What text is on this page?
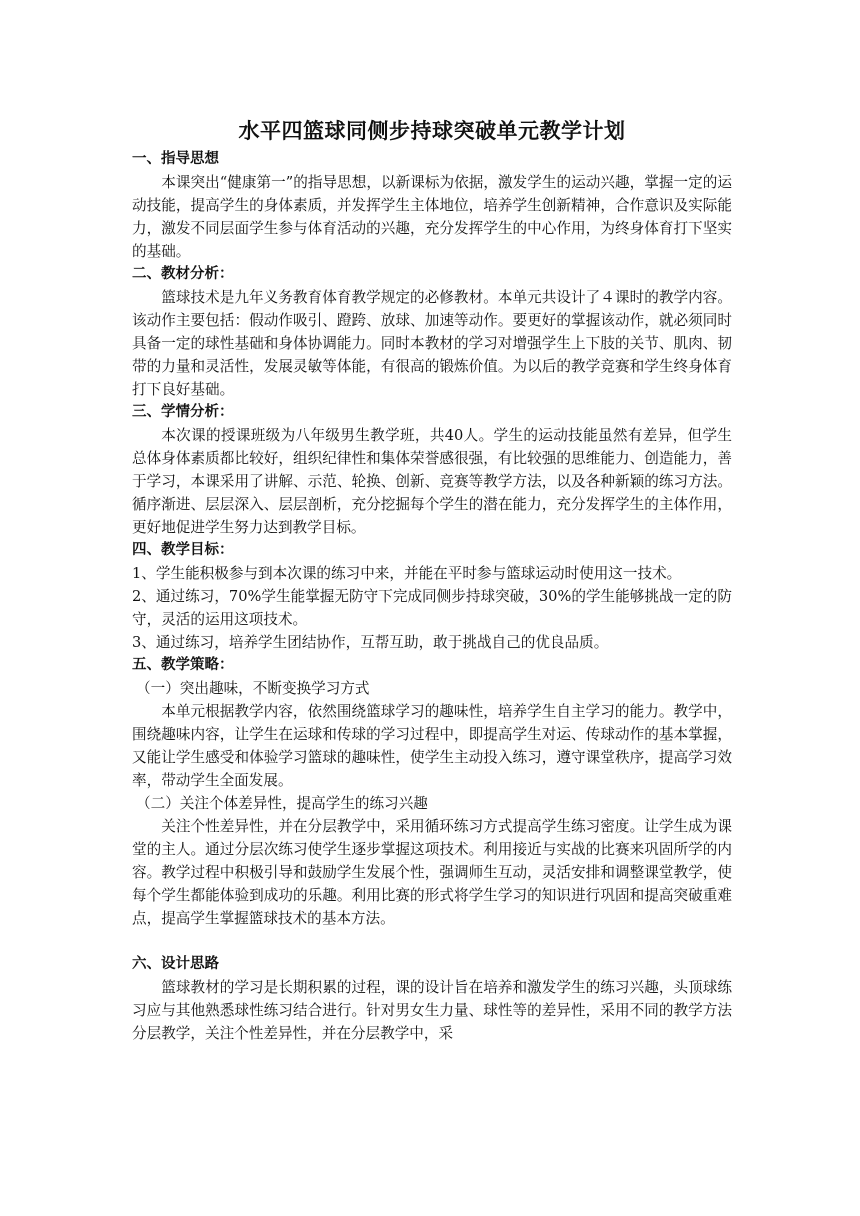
水平四篮球同侧步持球突破单元教学计划

一、指导思想

本课突出“健康第一”的指导思想，以新课标为依据，激发学生的运动兴趣，掌握一定的运动技能，提高学生的身体素质，并发挥学生主体地位，培养学生创新精神，合作意识及实际能力，激发不同层面学生参与体育活动的兴趣，充分发挥学生的中心作用，为终身体育打下坚实的基础。

二、教材分析：

篮球技术是九年义务教育体育教学规定的必修教材。本单元共设计了４课时的教学内容。该动作主要包括：假动作吸引、蹬跨、放球、加速等动作。要更好的掌握该动作，就必须同时具备一定的球性基础和身体协调能力。同时本教材的学习对增强学生上下肢的关节、肌肉、韧带的力量和灵活性，发展灵敏等体能，有很高的锻炼价值。为以后的教学竞赛和学生终身体育打下良好基础。

三、学情分析：

本次课的授课班级为八年级男生教学班，共40人。学生的运动技能虽然有差异，但学生总体身体素质都比较好，组织纪律性和集体荣誉感很强，有比较强的思维能力、创造能力，善于学习，本课采用了讲解、示范、轮换、创新、竞赛等教学方法，以及各种新颖的练习方法。循序渐进、层层深入、层层剖析，充分挖掘每个学生的潜在能力，充分发挥学生的主体作用，更好地促进学生努力达到教学目标。

四、教学目标：

1、学生能积极参与到本次课的练习中来，并能在平时参与篮球运动时使用这一技术。

2、通过练习，70%学生能掌握无防守下完成同侧步持球突破，30%的学生能够挑战一定的防守，灵活的运用这项技术。

3、通过练习，培养学生团结协作，互帮互助，敢于挑战自己的优良品质。

五、教学策略：

（一）突出趣味，不断变换学习方式

本单元根据教学内容，依然围绕篮球学习的趣味性，培养学生自主学习的能力。教学中，围绕趣味内容，让学生在运球和传球的学习过程中，即提高学生对运、传球动作的基本掌握，又能让学生感受和体验学习篮球的趣味性，使学生主动投入练习，遵守课堂秩序，提高学习效率，带动学生全面发展。

（二）关注个体差异性，提高学生的练习兴趣

关注个性差异性，并在分层教学中，采用循环练习方式提高学生练习密度。让学生成为课堂的主人。通过分层次练习使学生逐步掌握这项技术。利用接近与实战的比赛来巩固所学的内容。教学过程中积极引导和鼓励学生发展个性，强调师生互动，灵活安排和调整课堂教学，使每个学生都能体验到成功的乐趣。利用比赛的形式将学生学习的知识进行巩固和提高突破重难点，提高学生掌握篮球技术的基本方法。

六、设计思路

篮球教材的学习是长期积累的过程，课的设计旨在培养和激发学生的练习兴趣，头顶球练习应与其他熟悉球性练习结合进行。针对男女生力量、球性等的差异性，采用不同的教学方法分层教学，关注个性差异性，并在分层教学中，采
